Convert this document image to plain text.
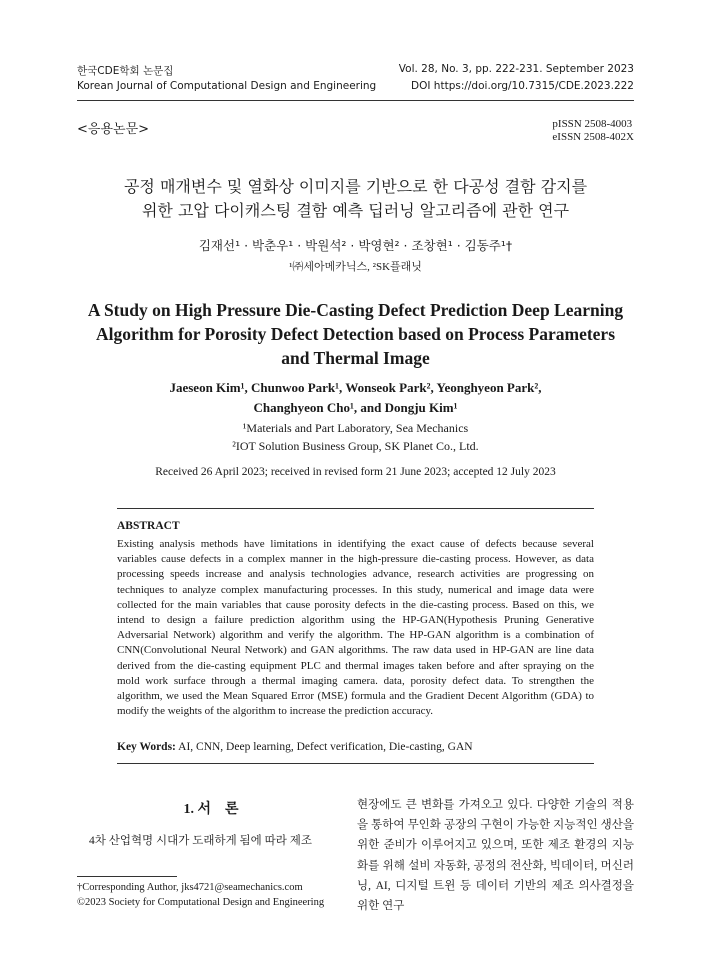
한국CDE학회 논문집	Vol. 28, No. 3, pp. 222-231. September 2023
Korean Journal of Computational Design and Engineering	DOI https://doi.org/10.7315/CDE.2023.222
<응용논문>	pISSN 2508-4003
eISSN 2508-402X
공정 매개변수 및 열화상 이미지를 기반으로 한 다공성 결함 감지를
위한 고압 다이캐스팅 결함 예측 딥러닝 알고리즘에 관한 연구
김재선¹ · 박춘우¹ · 박원석² · 박영현² · 조창현¹ · 김동주¹†
¹㈜세아메카닉스, ²SK플래닛
A Study on High Pressure Die-Casting Defect Prediction Deep Learning
Algorithm for Porosity Defect Detection based on Process Parameters
and Thermal Image
Jaeseon Kim¹, Chunwoo Park¹, Wonseok Park², Yeonghyeon Park²,
Changhyeon Cho¹, and Dongju Kim¹
¹Materials and Part Laboratory, Sea Mechanics
²IOT Solution Business Group, SK Planet Co., Ltd.
Received 26 April 2023; received in revised form 21 June 2023; accepted 12 July 2023
ABSTRACT
Existing analysis methods have limitations in identifying the exact cause of defects because several variables cause defects in a complex manner in the high-pressure die-casting process. However, as data processing speeds increase and analysis technologies advance, research activities are progressing on techniques to analyze complex manufacturing processes. In this study, numerical and image data were collected for the main variables that cause porosity defects in the die-casting process. Based on this, we intend to design a failure prediction algorithm using the HP-GAN(Hypothesis Pruning Generative Adversarial Network) algorithm and verify the algorithm. The HP-GAN algorithm is a combination of CNN(Convolutional Neural Network) and GAN algorithms. The raw data used in HP-GAN are line data derived from the die-casting equipment PLC and thermal images taken before and after spraying on the mold work surface through a thermal imaging camera. data, porosity defect data. To strengthen the algorithm, we used the Mean Squared Error (MSE) formula and the Gradient Decent Algorithm (GDA) to modify the weights of the algorithm to increase the prediction accuracy.
Key Words: AI, CNN, Deep learning, Defect verification, Die-casting, GAN
1. 서　론
4차 산업혁명 시대가 도래하게 됨에 따라 제조
†Corresponding Author, jks4721@seamechanics.com
©2023 Society for Computational Design and Engineering
현장에도 큰 변화를 가져오고 있다. 다양한 기술의 적용을 통하여 무인화 공장의 구현이 가능한 지능적인 생산을 위한 준비가 이루어지고 있으며, 또한 제조 환경의 지능화를 위해 설비 자동화, 공정의 전산화, 빅데이터, 머신러닝, AI, 디지털 트윈 등 데이터 기반의 제조 의사결정을 위한 연구
